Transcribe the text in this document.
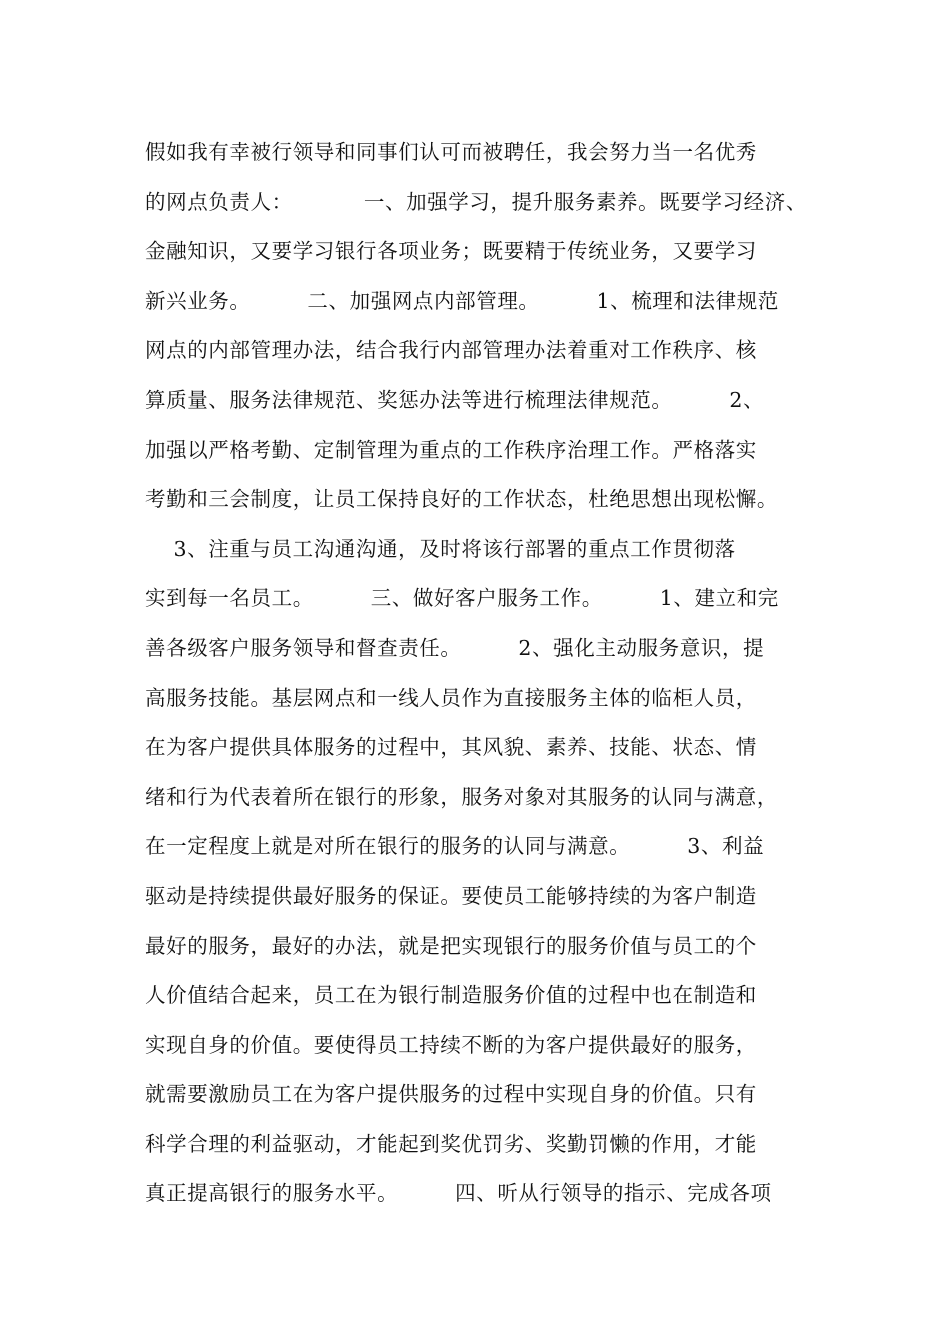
假如我有幸被行领导和同事们认可而被聘任，我会努力当一名优秀
的网点负责人：          一、加强学习，提升服务素养。既要学习经济、
金融知识，又要学习银行各项业务；既要精于传统业务，又要学习
新兴业务。        二、加强网点内部管理。        1、梳理和法律规范
网点的内部管理办法，结合我行内部管理办法着重对工作秩序、核
算质量、服务法律规范、奖惩办法等进行梳理法律规范。        2、
加强以严格考勤、定制管理为重点的工作秩序治理工作。严格落实
考勤和三会制度，让员工保持良好的工作状态，杜绝思想出现松懈。
3、注重与员工沟通沟通，及时将该行部署的重点工作贯彻落
实到每一名员工。        三、做好客户服务工作。        1、建立和完
善各级客户服务领导和督查责任。        2、强化主动服务意识，提
高服务技能。基层网点和一线人员作为直接服务主体的临柜人员，
在为客户提供具体服务的过程中，其风貌、素养、技能、状态、情
绪和行为代表着所在银行的形象，服务对象对其服务的认同与满意，
在一定程度上就是对所在银行的服务的认同与满意。        3、利益
驱动是持续提供最好服务的保证。要使员工能够持续的为客户制造
最好的服务，最好的办法，就是把实现银行的服务价值与员工的个
人价值结合起来，员工在为银行制造服务价值的过程中也在制造和
实现自身的价值。要使得员工持续不断的为客户提供最好的服务，
就需要激励员工在为客户提供服务的过程中实现自身的价值。只有
科学合理的利益驱动，才能起到奖优罚劣、奖勤罚懒的作用，才能
真正提高银行的服务水平。        四、听从行领导的指示、完成各项
